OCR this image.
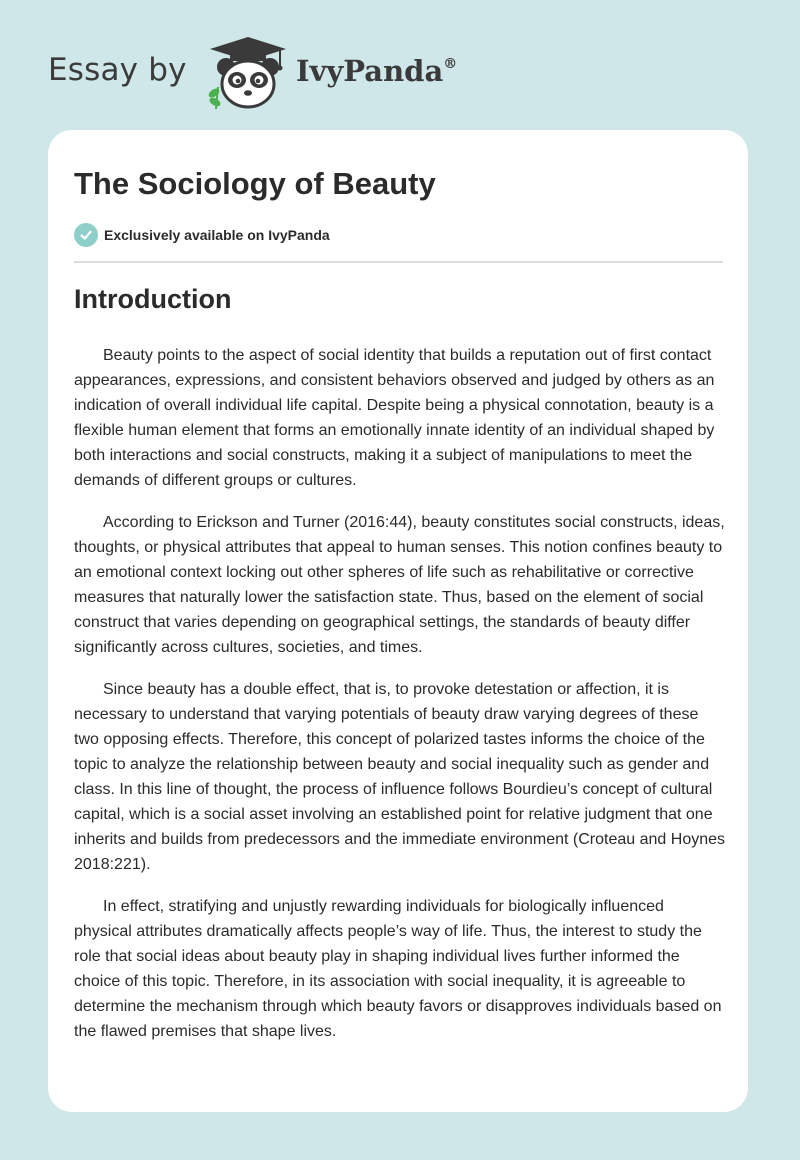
Essay by	IvyPanda®
The Sociology of Beauty
Exclusively available on IvyPanda
Introduction

Beauty points to the aspect of social identity that builds a reputation out of first contact appearances, expressions, and consistent behaviors observed and judged by others as an indication of overall individual life capital. Despite being a physical connotation, beauty is a flexible human element that forms an emotionally innate identity of an individual shaped by both interactions and social constructs, making it a subject of manipulations to meet the demands of different groups or cultures.

According to Erickson and Turner (2016:44), beauty constitutes social constructs, ideas, thoughts, or physical attributes that appeal to human senses. This notion confines beauty to an emotional context locking out other spheres of life such as rehabilitative or corrective measures that naturally lower the satisfaction state. Thus, based on the element of social construct that varies depending on geographical settings, the standards of beauty differ significantly across cultures, societies, and times.

Since beauty has a double effect, that is, to provoke detestation or affection, it is necessary to understand that varying potentials of beauty draw varying degrees of these two opposing effects. Therefore, this concept of polarized tastes informs the choice of the topic to analyze the relationship between beauty and social inequality such as gender and class. In this line of thought, the process of influence follows Bourdieu’s concept of cultural capital, which is a social asset involving an established point for relative judgment that one inherits and builds from predecessors and the immediate environment (Croteau and Hoynes 2018:221).

In effect, stratifying and unjustly rewarding individuals for biologically influenced physical attributes dramatically affects people’s way of life. Thus, the interest to study the role that social ideas about beauty play in shaping individual lives further informed the choice of this topic. Therefore, in its association with social inequality, it is agreeable to determine the mechanism through which beauty favors or disapproves individuals based on the flawed premises that shape lives.
